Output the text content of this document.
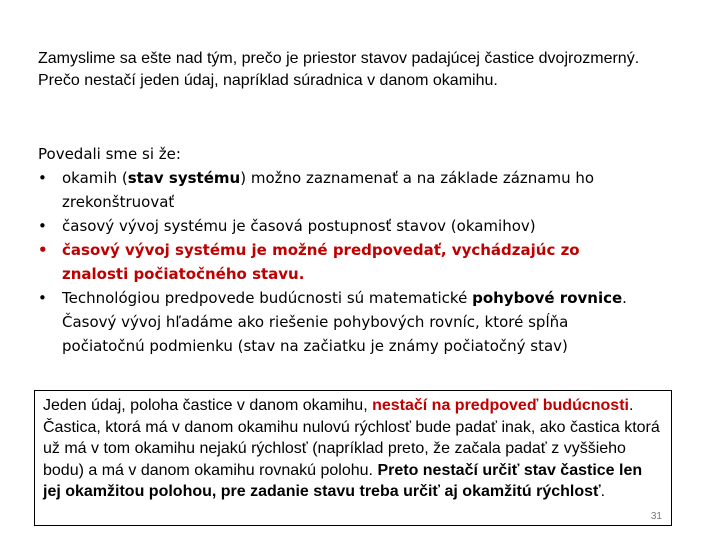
Zamyslime sa ešte nad tým, prečo je priestor stavov padajúcej častice dvojrozmerný. Prečo nestačí jeden údaj, napríklad súradnica v danom okamihu.

Povedali sme si že:

•	okamih (stav systému) možno zaznamenať a na základe záznamu ho zrekonštruovať
•	časový vývoj systému je časová postupnosť stavov (okamihov)
• časový vývoj systému je možné predpovedať, vychádzajúc zo znalosti počiatočného stavu.
•	Technológiou predpovede budúcnosti sú matematické pohybové rovnice. Časový vývoj hľadáme ako riešenie pohybových rovníc, ktoré spĺňa počiatočnú podmienku (stav na začiatku je známy počiatočný stav)

Jeden údaj, poloha častice v danom okamihu, nestačí na predpoveď budúcnosti. Častica, ktorá má v danom okamihu nulovú rýchlosť bude padať inak, ako častica ktorá už má v tom okamihu nejakú rýchlosť (napríklad preto, že začala padať z vyššieho bodu) a má v danom okamihu rovnakú polohu. Preto nestačí určiť stav častice len jej okamžitou polohou, pre zadanie stavu treba určiť aj okamžitú rýchlosť.

31
